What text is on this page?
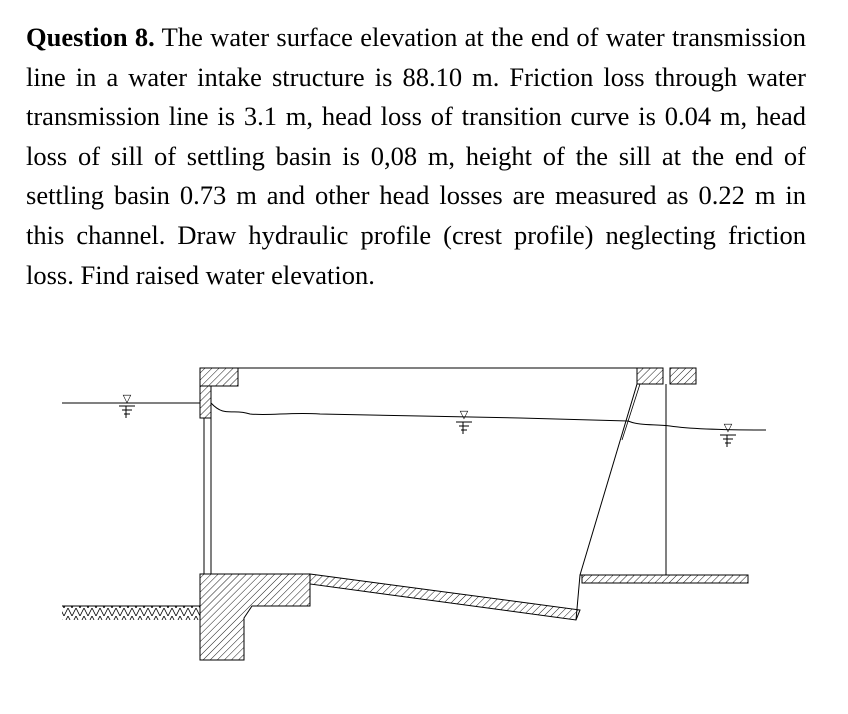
Question 8. The water surface elevation at the end of water transmission line in a water intake structure is 88.10 m. Friction loss through water transmission line is 3.1 m, head loss of transition curve is 0.04 m, head loss of sill of settling basin is 0,08 m, height of the sill at the end of settling basin 0.73 m and other head losses are measured as 0.22 m in this channel. Draw hydraulic profile (crest profile) neglecting friction loss. Find raised water elevation.

▽
▽
▽
